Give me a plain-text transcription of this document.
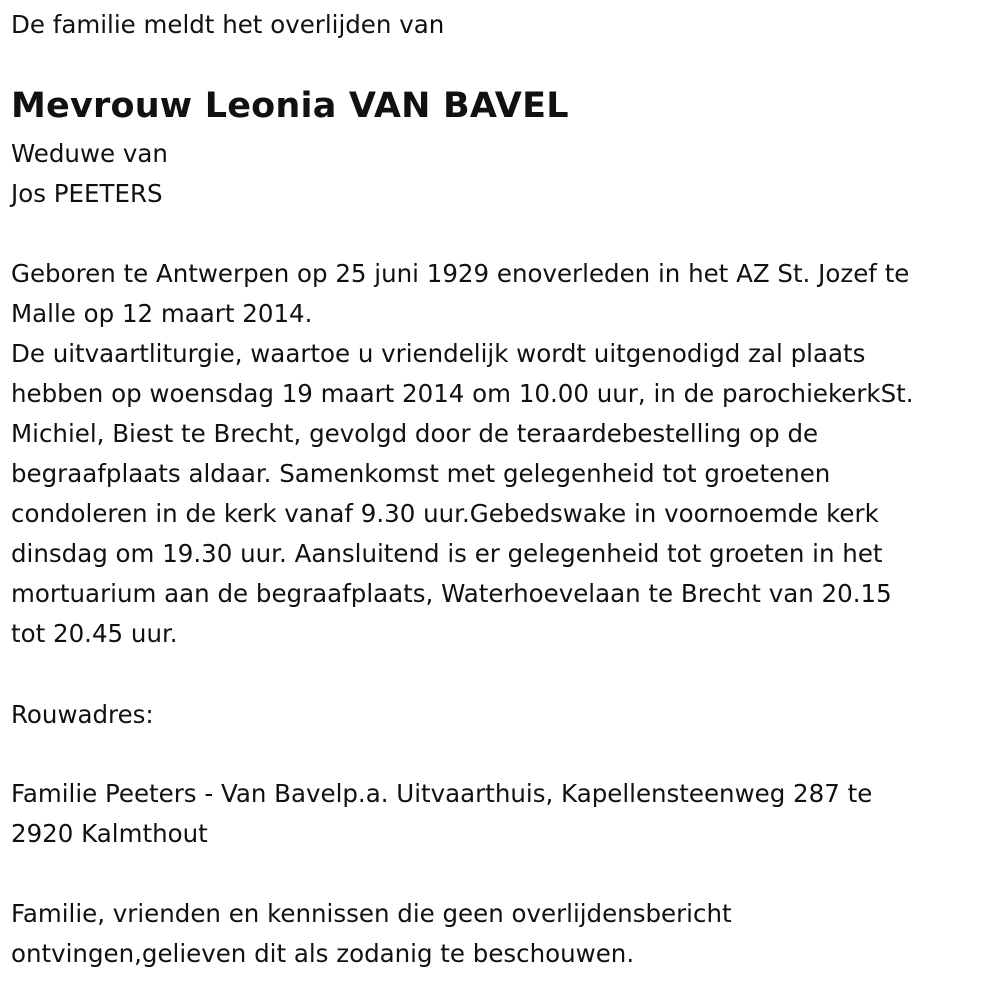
De familie meldt het overlijden van

Mevrouw Leonia VAN BAVEL

Weduwe van

Jos PEETERS

Geboren te Antwerpen op 25 juni 1929 enoverleden in het AZ St. Jozef te

Malle op 12 maart 2014.

De uitvaartliturgie, waartoe u vriendelijk wordt uitgenodigd zal plaats

hebben op woensdag 19 maart 2014 om 10.00 uur, in de parochiekerkSt.

Michiel, Biest te Brecht, gevolgd door de teraardebestelling op de

begraafplaats aldaar. Samenkomst met gelegenheid tot groetenen

condoleren in de kerk vanaf 9.30 uur.Gebedswake in voornoemde kerk

dinsdag om 19.30 uur. Aansluitend is er gelegenheid tot groeten in het

mortuarium aan de begraafplaats, Waterhoevelaan te Brecht van 20.15

tot 20.45 uur.

Rouwadres:

Familie Peeters - Van Bavelp.a. Uitvaarthuis, Kapellensteenweg 287 te

2920 Kalmthout

Familie, vrienden en kennissen die geen overlijdensbericht

ontvingen,gelieven dit als zodanig te beschouwen.
